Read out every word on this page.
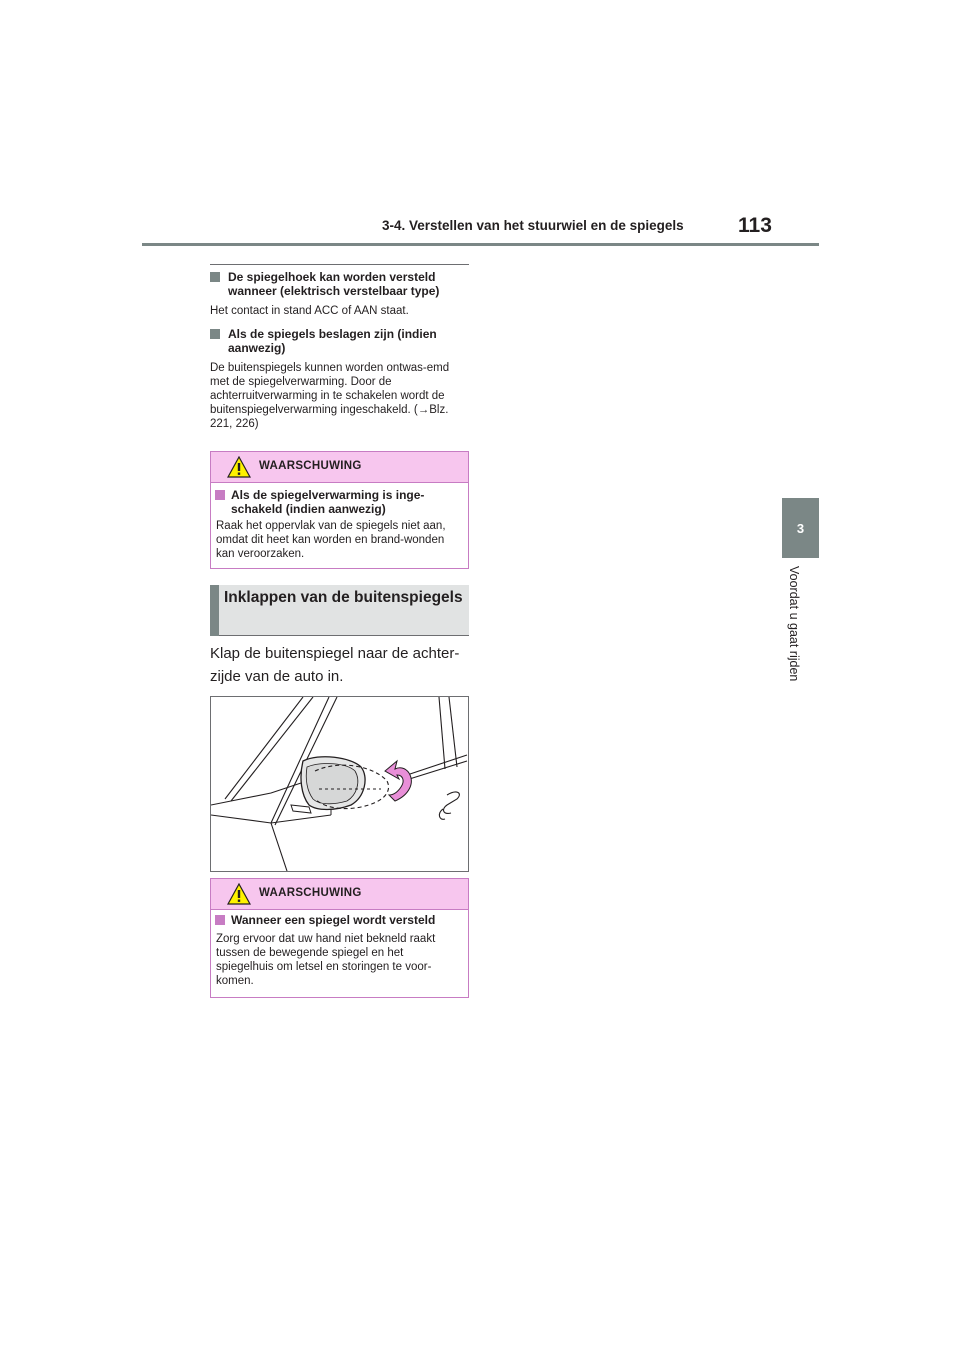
3-4. Verstellen van het stuurwiel en de spiegels	113
3
Voordat u gaat rijden
De spiegelhoek kan worden versteld wanneer (elektrisch verstelbaar type)
Het contact in stand ACC of AAN staat.
Als de spiegels beslagen zijn (indien aanwezig)
De buitenspiegels kunnen worden ontwas-emd met de spiegelverwarming. Door de achterruitverwarming in te schakelen wordt de buitenspiegelverwarming ingeschakeld. (→Blz. 221, 226)
WAARSCHUWING
Als de spiegelverwarming is inge-schakeld (indien aanwezig)
Raak het oppervlak van de spiegels niet aan, omdat dit heet kan worden en brand-wonden kan veroorzaken.
Inklappen van de buitenspiegels
Klap de buitenspiegel naar de achter-zijde van de auto in.
WAARSCHUWING
Wanneer een spiegel wordt versteld
Zorg ervoor dat uw hand niet bekneld raakt tussen de bewegende spiegel en het spiegelhuis om letsel en storingen te voor-komen.
